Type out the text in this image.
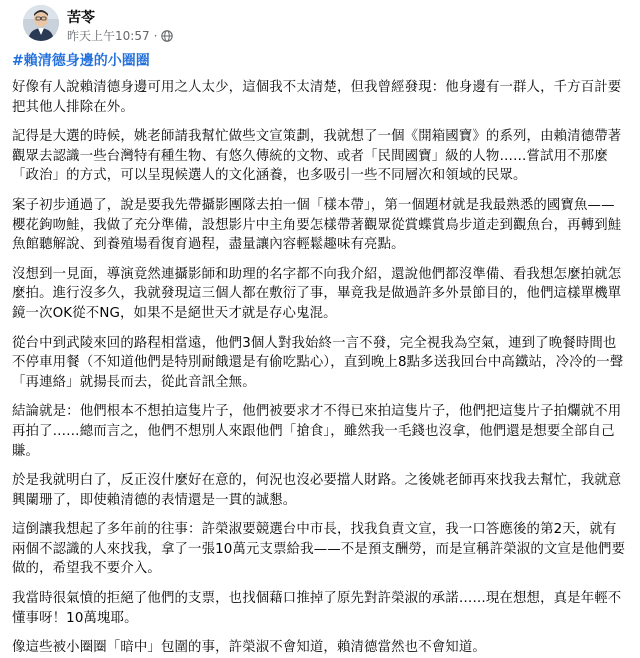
苦苓
昨天上午10:57 ·
#賴清德身邊的小圈圈

好像有人說賴清德身邊可用之人太少，這個我不太清楚，但我曾經發現：他身邊有一群人，千方百計要把其他人排除在外。

記得是大選的時候，姚老師請我幫忙做些文宣策劃，我就想了一個《開箱國寶》的系列，由賴清德帶著觀眾去認識一些台灣特有種生物、有悠久傳統的文物、或者「民間國寶」級的人物……嘗試用不那麼「政治」的方式，可以呈現候選人的文化涵養，也多吸引一些不同層次和領域的民眾。

案子初步通過了，說是要我先帶攝影團隊去拍一個「樣本帶」，第一個題材就是我最熟悉的國寶魚——櫻花鉤吻鮭，我做了充分準備，設想影片中主角要怎樣帶著觀眾從賞蝶賞鳥步道走到觀魚台，再轉到鮭魚館聽解說、到養殖場看復育過程，盡量讓內容輕鬆趣味有亮點。

沒想到一見面，導演竟然連攝影師和助理的名字都不向我介紹，還說他們都沒準備、看我想怎麼拍就怎麼拍。進行沒多久，我就發現這三個人都在敷衍了事，畢竟我是做過許多外景節目的，他們這樣單機單鏡一次OK從不NG，如果不是絕世天才就是存心鬼混。

從台中到武陵來回的路程相當遠，他們3個人對我始終一言不發，完全視我為空氣，連到了晚餐時間也不停車用餐（不知道他們是特別耐餓還是有偷吃點心），直到晚上8點多送我回台中高鐵站，冷冷的一聲「再連絡」就揚長而去，從此音訊全無。

結論就是：他們根本不想拍這隻片子，他們被要求才不得已來拍這隻片子，他們把這隻片子拍爛就不用再拍了……總而言之，他們不想別人來跟他們「搶食」，雖然我一毛錢也沒拿，他們還是想要全部自己賺。

於是我就明白了，反正沒什麼好在意的，何況也沒必要擋人財路。之後姚老師再來找我去幫忙，我就意興闌珊了，即使賴清德的表情還是一貫的誠懇。

這倒讓我想起了多年前的往事：許榮淑要競選台中市長，找我負責文宣，我一口答應後的第2天，就有兩個不認識的人來找我，拿了一張10萬元支票給我——不是預支酬勞，而是宣稱許榮淑的文宣是他們要做的，希望我不要介入。

我當時很氣憤的拒絕了他們的支票，也找個藉口推掉了原先對許榮淑的承諾……現在想想，真是年輕不懂事呀！10萬塊耶。

像這些被小圈圈「暗中」包圍的事，許榮淑不會知道，賴清德當然也不會知道。
